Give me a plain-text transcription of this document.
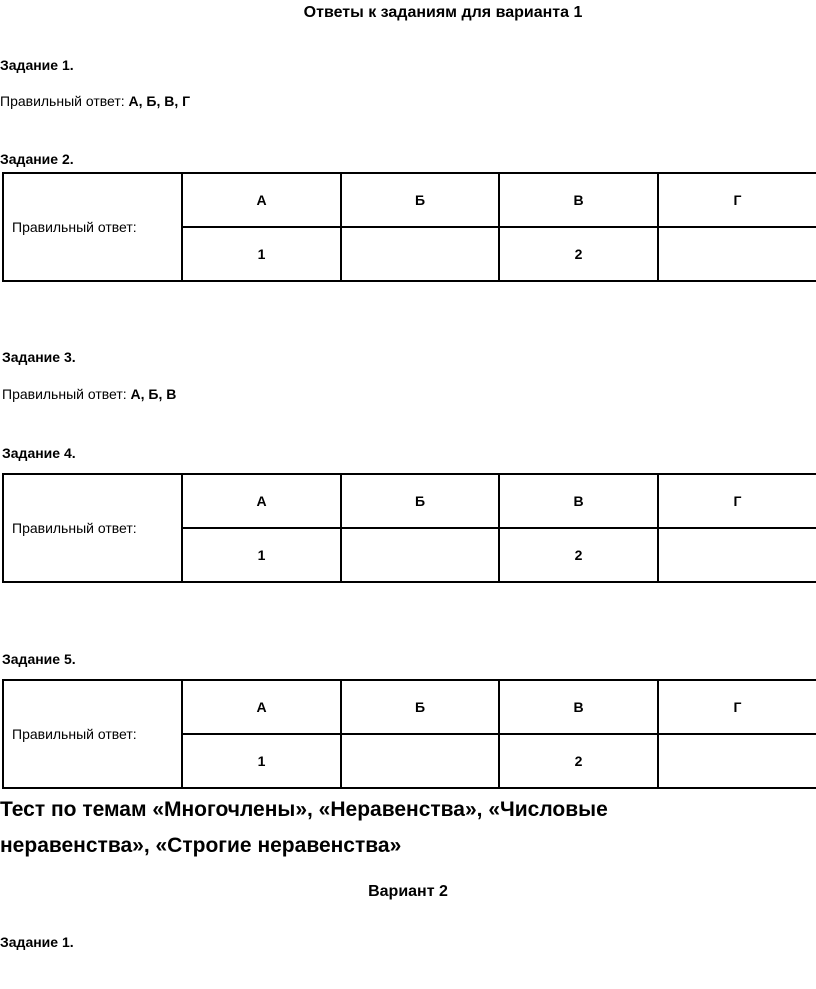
Ответы к заданиям для варианта 1
Задание 1.
Правильный ответ: А, Б, В, Г
Задание 2.
Правильный ответ:	А	Б	В	Г
	1		2	
Задание 3.
Правильный ответ: А, Б, В
Задание 4.
Правильный ответ:	А	Б	В	Г
	1		2	
Задание 5.
Правильный ответ:	А	Б	В	Г
	1		2	
Тест по темам «Многочлены», «Неравенства», «Числовые
неравенства», «Строгие неравенства»
Вариант 2
Задание 1.
